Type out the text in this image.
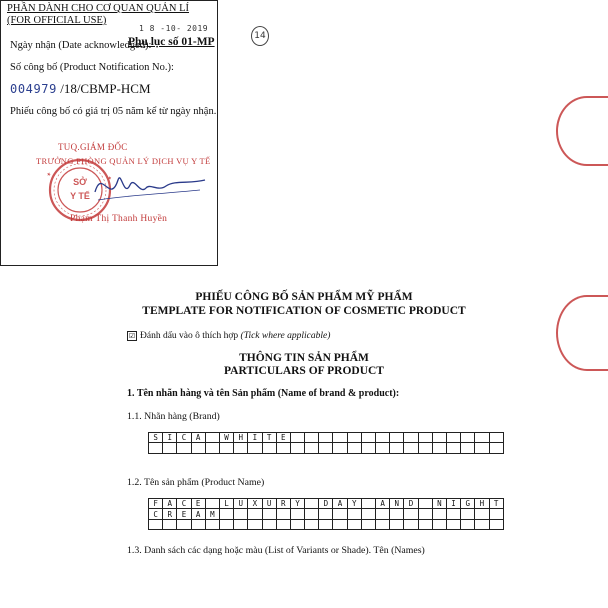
Phụ lục số 01-MP	14
PHẦN DÀNH CHO CƠ QUAN QUẢN LÍ
(FOR OFFICIAL USE)
1 8 -10- 2019
Ngày nhận (Date acknowledged):
Số công bố (Product Notification No.):
004979 /18/CBMP-HCM
Phiếu công bố có giá trị 05 năm kể từ ngày nhận.
TUQ.GIÁM ĐỐC
TRƯỞNG PHÒNG QUẢN LÝ DỊCH VỤ Y TẾ
SỞ
Y TẾ
★
★
Phạm Thị Thanh Huyền
PHIẾU CÔNG BỐ SẢN PHẨM MỸ PHẨM
TEMPLATE FOR NOTIFICATION OF COSMETIC PRODUCT
☑ Đánh dấu vào ô thích hợp (Tick where applicable)
THÔNG TIN SẢN PHẨM
PARTICULARS OF PRODUCT
1. Tên nhãn hàng và tên Sản phẩm (Name of brand & product):
1.1. Nhãn hàng (Brand)
S	I	C	A		W	H	I	T	E															

1.2. Tên sản phẩm (Product Name)
F	A	C	E		L	U	X	U	R	Y		D	A	Y		A	N	D		N	I	G	H	T
C	R	E	A	M																				

1.3. Danh sách các dạng hoặc màu (List of Variants or Shade). Tên (Names)
